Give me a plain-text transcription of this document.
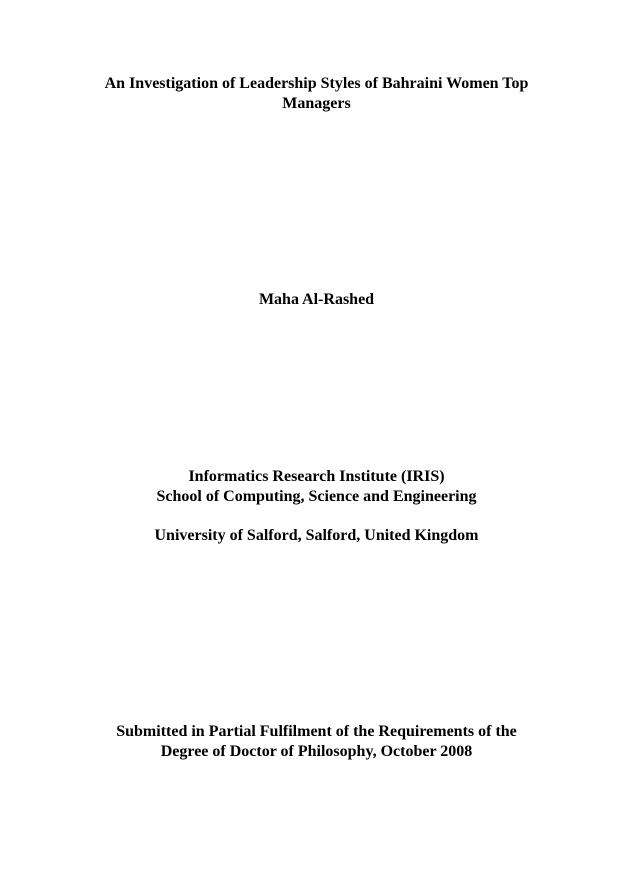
An Investigation of Leadership Styles of Bahraini Women Top
Managers
Maha Al-Rashed
Informatics Research Institute (IRIS)
School of Computing, Science and Engineering
University of Salford, Salford, United Kingdom
Submitted in Partial Fulfilment of the Requirements of the
Degree of Doctor of Philosophy, October 2008
